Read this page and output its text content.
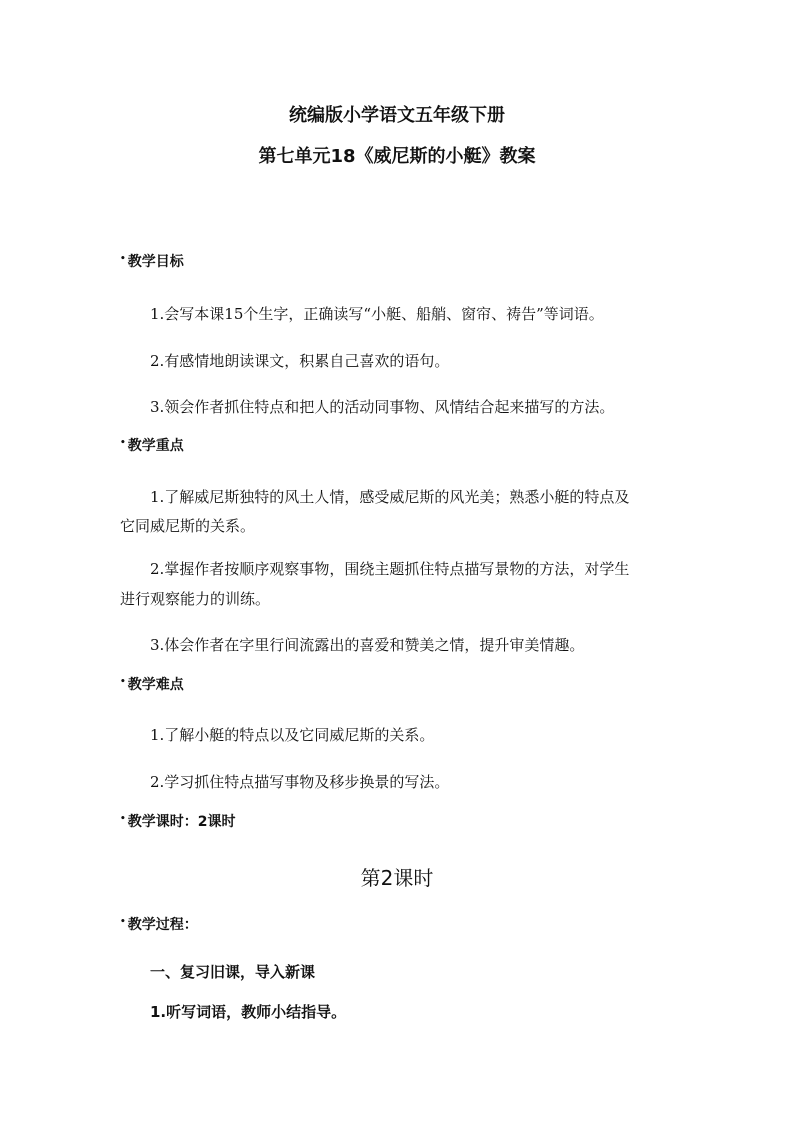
统编版小学语文五年级下册
第七单元18《威尼斯的小艇》教案
• 教学目标
1.会写本课15个生字，正确读写“小艇、船艄、窗帘、祷告”等词语。
2.有感情地朗读课文，积累自己喜欢的语句。
3.领会作者抓住特点和把人的活动同事物、风情结合起来描写的方法。
• 教学重点
1.了解威尼斯独特的风土人情，感受威尼斯的风光美；熟悉小艇的特点及
它同威尼斯的关系。
2.掌握作者按顺序观察事物，围绕主题抓住特点描写景物的方法，对学生
进行观察能力的训练。
3.体会作者在字里行间流露出的喜爱和赞美之情，提升审美情趣。
• 教学难点
1.了解小艇的特点以及它同威尼斯的关系。
2.学习抓住特点描写事物及移步换景的写法。
• 教学课时：2课时
第2课时
• 教学过程：
一、复习旧课，导入新课
1.听写词语，教师小结指导。
